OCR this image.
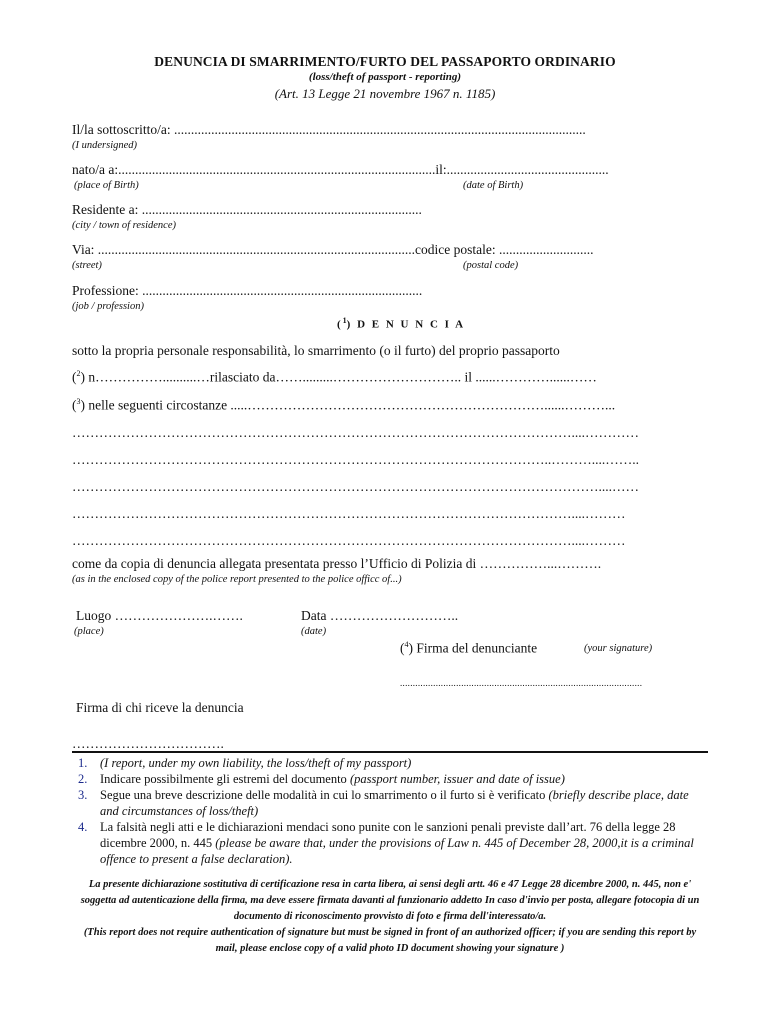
DENUNCIA DI SMARRIMENTO/FURTO DEL PASSAPORTO ORDINARIO
(loss/theft of passport - reporting)
(Art. 13 Legge 21 novembre 1967 n. 1185)
Il/la sottoscritto/a: ..........................................................................................................................
(I undersigned)
nato/a a:..............................................................................................il:................................................
(place of Birth)	(date of Birth)
Residente a: ...................................................................................
(city / town of residence)
Via: ..............................................................................................codice postale: ............................
(street)	(postal code)
Professione: ...................................................................................
(job / profession)
($^1$) D E N U N C I A
sotto la propria personale responsabilità, lo smarrimento (o il furto) del proprio passaporto
($^2$) n……………..........…rilasciato da…….........……………………….. il ......…………......……
($^3$) nelle seguenti circostanze .....…………………………………………………………......………...
…………………………………………………………………………………………………....…………
……………………………………………………………………………………………..………....……..
………………………………………………………………………………………………………....……
…………………………………………………………………………………………………....………
…………………………………………………………………………………………………....………
come da copia di denuncia allegata presentata presso l’Ufficio di Polizia di ……………...……….
(as in the enclosed copy of the police report presented to the police officc of...)
Luogo ………………….…….
(place)
Data ………………………..
(date)
($^4$) Firma del denunciante	(your signature)
...............................................................................................
Firma di chi riceve la denuncia
…………………………….
1.	(I report, under my own liability, the loss/theft of my passport)
2.	Indicare possibilmente gli estremi del documento (passport number, issuer and date of issue)
3.	Segue una breve descrizione delle modalità in cui lo smarrimento o il furto si è verificato (briefly describe place, date and circumstances of loss/theft)
4.	La falsità negli atti e le dichiarazioni mendaci sono punite con le sanzioni penali previste dall’art. 76 della legge 28 dicembre 2000, n. 445 (please be aware that, under the provisions of Law n. 445 of December 28, 2000,it is a criminal offence to present a false declaration).
La presente dichiarazione sostitutiva di certificazione resa in carta libera, ai sensi degli artt. 46 e 47 Legge 28 dicembre 2000, n. 445, non e' soggetta ad autenticazione della firma, ma deve essere firmata davanti al funzionario addetto In caso d'invio per posta, allegare fotocopia di un documento di riconoscimento provvisto di foto e firma dell'interessato/a.
(This report does not require authentication of signature but must be signed in front of an authorized officer; if you are sending this report by mail, please enclose copy of a valid photo ID document showing your signature )
